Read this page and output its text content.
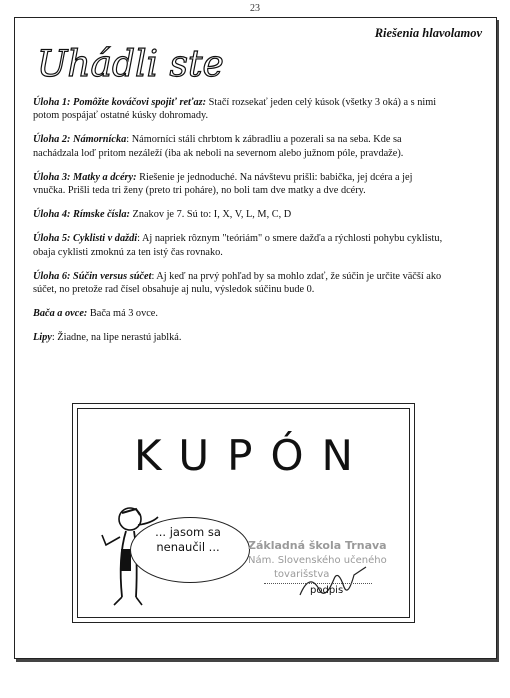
23
Uhádli ste ?
Riešenia hlavolamov

Úloha 1: Pomôžte kováčovi spojiť reťaz: Stačí rozsekať jeden celý kúsok (všetky 3 oká) a s nimi potom pospájať ostatné kúsky dohromady.

Úloha 2: Námornícka: Námorníci stáli chrbtom k zábradliu a pozerali sa na seba. Kde sa nachádzala loď pritom nezáleží (iba ak neboli na severnom alebo južnom póle, pravdaže).

Úloha 3: Matky a dcéry: Riešenie je jednoduché. Na návštevu prišli: babička, jej dcéra a jej vnučka. Prišli teda tri ženy (preto tri poháre), no boli tam dve matky a dve dcéry.

Úloha 4: Rímske čísla: Znakov je 7. Sú to: I, X, V, L, M, C, D

Úloha 5: Cyklisti v daždi: Aj napriek rôznym "teóriám" o smere dažďa a rýchlosti pohybu cyklistu, obaja cyklisti zmoknú za ten istý čas rovnako.

Úloha 6: Súčin versus súčet: Aj keď na prvý pohľad by sa mohlo zdať, že súčin je určite väčší ako súčet, no pretože rad čísel obsahuje aj nulu, výsledok súčinu bude 0.

Bača a ovce: Bača má 3 ovce.

Lipy: Žiadne, na lipe nerastú jablká.

KUPÓN
... jasom sa
nenaučil ...	Základná škola Trnava
Nám. Slovenského učeného
tovarišstva
podpis
